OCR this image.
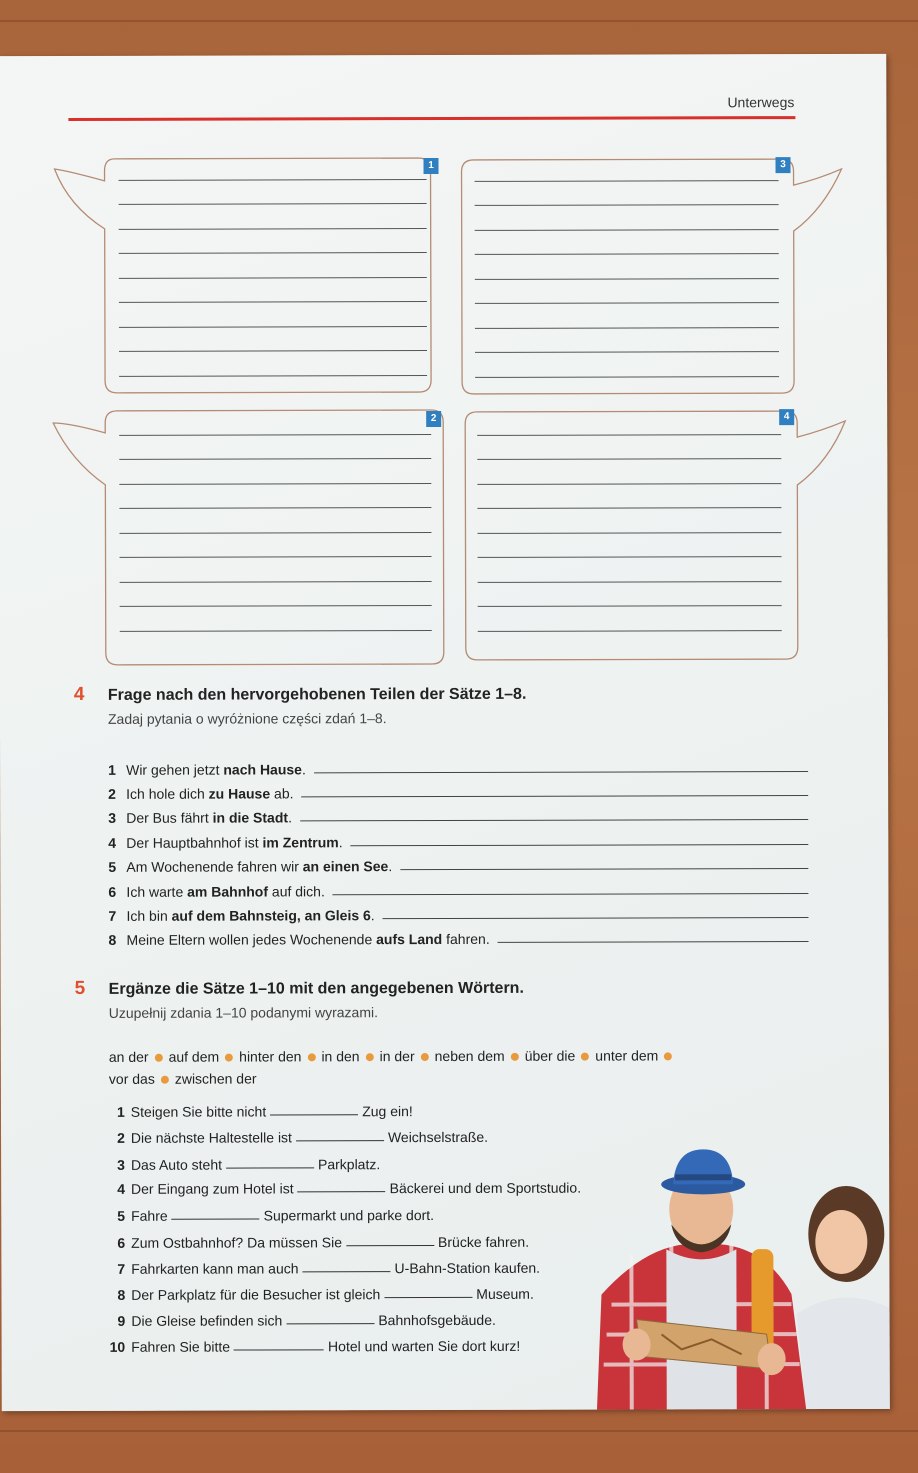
Unterwegs
1	3
2	4
4 Frage nach den hervorgehobenen Teilen der Sätze 1–8.
Zadaj pytania o wyróżnione części zdań 1–8.
1 Wir gehen jetzt nach Hause.
2 Ich hole dich zu Hause ab.
3 Der Bus fährt in die Stadt.
4 Der Hauptbahnhof ist im Zentrum.
5 Am Wochenende fahren wir an einen See.
6 Ich warte am Bahnhof auf dich.
7 Ich bin auf dem Bahnsteig, an Gleis 6.
8 Meine Eltern wollen jedes Wochenende aufs Land fahren.
5 Ergänze die Sätze 1–10 mit den angegebenen Wörtern.
Uzupełnij zdania 1–10 podanymi wyrazami.
an der auf dem hinter den in den in der neben dem über die unter dem
vor das zwischen der
1 Steigen Sie bitte nicht	Zug ein!
2 Die nächste Haltestelle ist	Weichselstraße.
3 Das Auto steht	Parkplatz.
4 Der Eingang zum Hotel ist	Bäckerei und dem Sportstudio.
5 Fahre	Supermarkt und parke dort.
6 Zum Ostbahnhof? Da müssen Sie	Brücke fahren.
7 Fahrkarten kann man auch	U-Bahn-Station kaufen.
8 Der Parkplatz für die Besucher ist gleich	Museum.
9 Die Gleise befinden sich	Bahnhofsgebäude.
10 Fahren Sie bitte	Hotel und warten Sie dort kurz!
